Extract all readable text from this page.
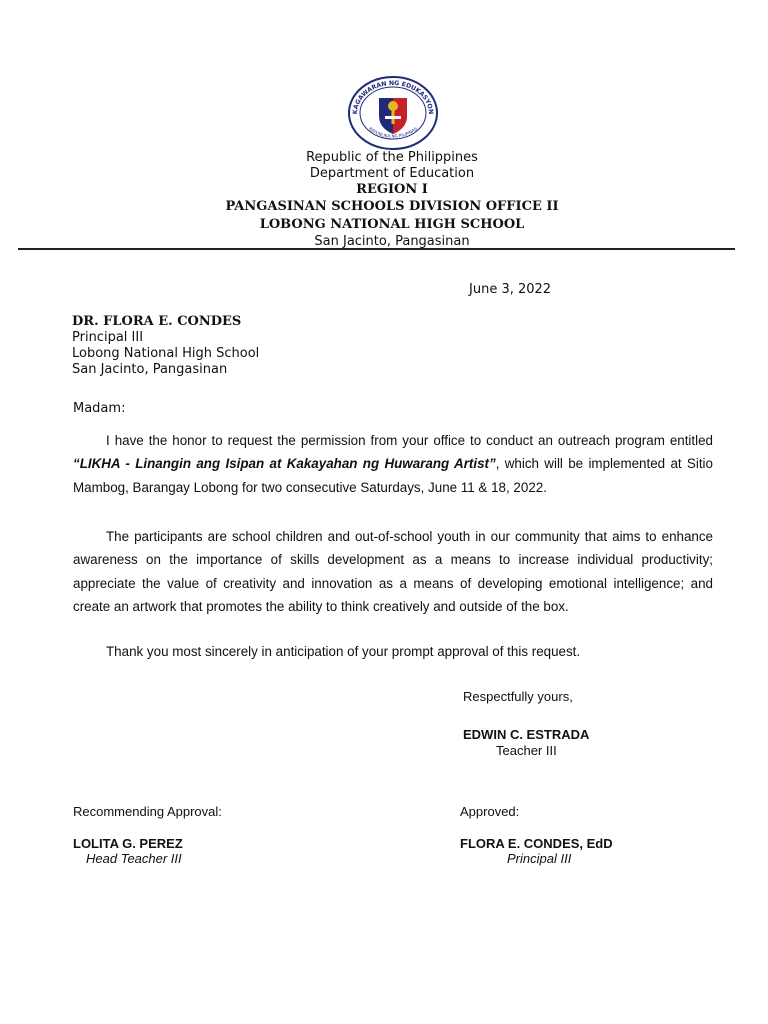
KAGAWARAN NG EDUKASYON
REPUBLIKA NG PILIPINAS
Republic of the Philippines
Department of Education
REGION I
PANGASINAN SCHOOLS DIVISION OFFICE II
LOBONG NATIONAL HIGH SCHOOL
San Jacinto, Pangasinan
June 3, 2022
DR. FLORA E. CONDES
Principal III
Lobong National High School
San Jacinto, Pangasinan
Madam:
I have the honor to request the permission from your office to conduct an outreach program entitled “LIKHA - Linangin ang Isipan at Kakayahan ng Huwarang Artist”, which will be implemented at Sitio Mambog, Barangay Lobong for two consecutive Saturdays, June 11 & 18, 2022.
The participants are school children and out-of-school youth in our community that aims to enhance awareness on the importance of skills development as a means to increase individual productivity; appreciate the value of creativity and innovation as a means of developing emotional intelligence; and create an artwork that promotes the ability to think creatively and outside of the box.
Thank you most sincerely in anticipation of your prompt approval of this request.
Respectfully yours,
EDWIN C. ESTRADA
Teacher III
Recommending Approval:
LOLITA G. PEREZ
Head Teacher III
Approved:
FLORA E. CONDES, EdD
Principal III
